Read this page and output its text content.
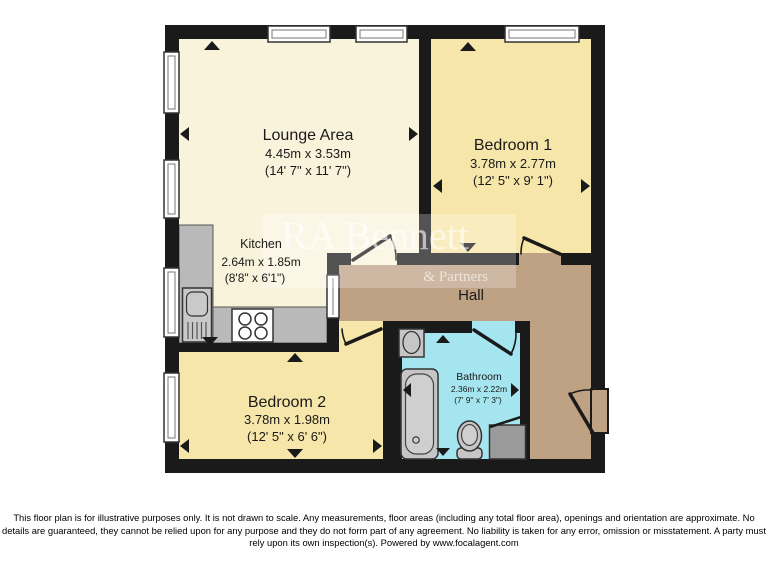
RA Bennett
& Partners
Lounge Area
4.45m x 3.53m
(14' 7" x 11' 7")
Bedroom 1
3.78m x 2.77m
(12' 5" x 9' 1")
Kitchen
2.64m x 1.85m
(8'8" x 6'1")
Hall
Bedroom 2
3.78m x 1.98m
(12' 5" x 6' 6")
Bathroom
2.36m x 2.22m
(7' 9" x 7' 3")
This floor plan is for illustrative purposes only. It is not drawn to scale. Any measurements, floor areas (including any total floor area), openings and orientation are approximate. No details are guaranteed, they cannot be relied upon for any purpose and they do not form part of any agreement. No liability is taken for any error, omission or misstatement. A party must rely upon its own inspection(s). Powered by www.focalagent.com
